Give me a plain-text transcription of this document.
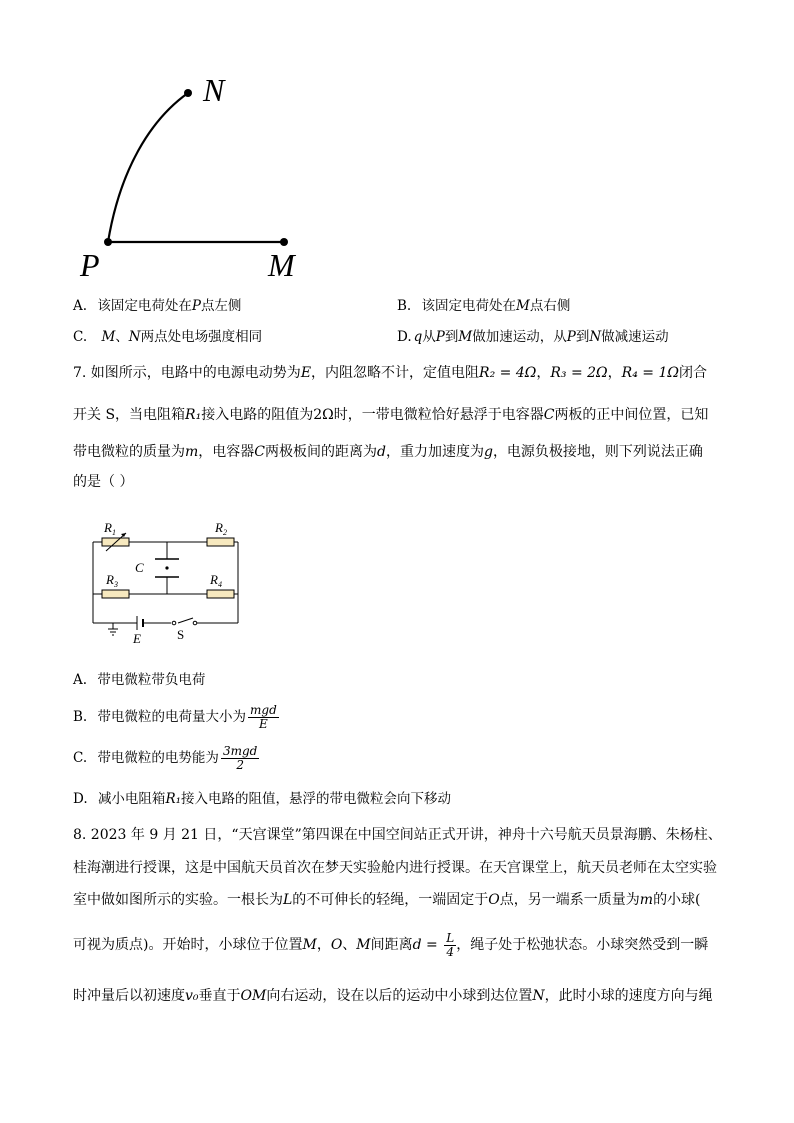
N
P	M
A. 该固定电荷处在P点左侧	B. 该固定电荷处在M点右侧
C. M、N两点处电场强度相同	D. q从P到M做加速运动，从P到N做减速运动
7. 如图所示，电路中的电源电动势为E，内阻忽略不计，定值电阻R₂ = 4Ω，R₃ = 2Ω，R₄ = 1Ω闭合
开关 S，当电阻箱R₁接入电路的阻值为2Ω时，一带电微粒恰好悬浮于电容器C两板的正中间位置，已知
带电微粒的质量为m，电容器C两极板间的距离为d，重力加速度为g，电源负极接地，则下列说法正确
的是（ ）
$R_1$	$R_2$
$R_3$	$R_4$
C
E	S
A. 带电微粒带负电荷
B. 带电微粒的电荷量大小为 $\frac{\text{mgd}}{E}$
C. 带电微粒的电势能为 $\frac{\text{3mgd}}{2}$
D. 减小电阻箱R₁接入电路的阻值，悬浮的带电微粒会向下移动
8. 2023 年 9 月 21 日，“天宫课堂”第四课在中国空间站正式开讲，神舟十六号航天员景海鹏、朱杨柱、
桂海潮进行授课，这是中国航天员首次在梦天实验舱内进行授课。在天宫课堂上，航天员老师在太空实验
室中做如图所示的实验。一根长为L的不可伸长的轻绳，一端固定于O点，另一端系一质量为m的小球(
可视为质点)。开始时，小球位于位置M，O、M间距离$d = \frac{L}{4}$ ，绳子处于松弛状态。小球突然受到一瞬
时冲量后以初速度v₀垂直于OM向右运动，设在以后的运动中小球到达位置N，此时小球的速度方向与绳
